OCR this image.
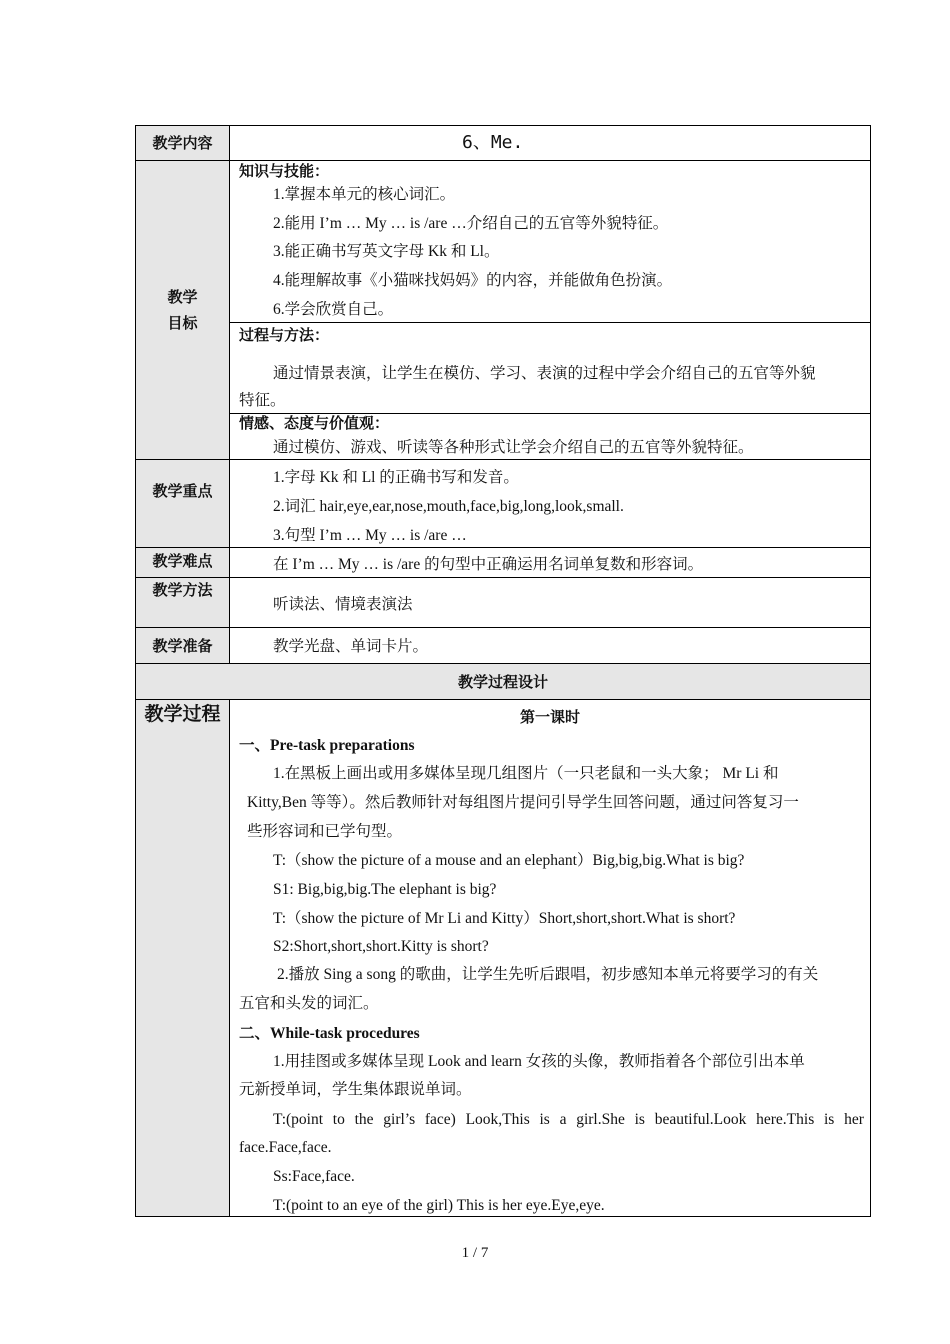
教学内容
教学
目标
教学重点
教学难点
教学方法
教学准备
教学过程设计
教学过程
6、Me.
知识与技能：
1.掌握本单元的核心词汇。
2.能用 I’m … My … is /are …介绍自己的五官等外貌特征。
3.能正确书写英文字母 Kk 和 Ll。
4.能理解故事《小猫咪找妈妈》的内容，并能做角色扮演。
6.学会欣赏自己。
过程与方法：
通过情景表演，让学生在模仿、学习、表演的过程中学会介绍自己的五官等外貌
特征。
情感、态度与价值观：
通过模仿、游戏、听读等各种形式让学会介绍自己的五官等外貌特征。
1.字母 Kk 和 Ll 的正确书写和发音。
2.词汇 hair,eye,ear,nose,mouth,face,big,long,look,small.
3.句型 I’m … My … is /are …
在 I’m … My … is /are 的句型中正确运用名词单复数和形容词。
听读法、情境表演法
教学光盘、单词卡片。
第一课时
一、Pre-task preparations
1.在黑板上画出或用多媒体呈现几组图片（一只老鼠和一头大象； Mr Li 和
Kitty,Ben 等等）。然后教师针对每组图片提问引导学生回答问题，通过问答复习一
些形容词和已学句型。
T:（show the picture of a mouse and an elephant）Big,big,big.What is big?
S1: Big,big,big.The elephant is big?
T:（show the picture of Mr Li and Kitty）Short,short,short.What is short?
S2:Short,short,short.Kitty is short?
2.播放 Sing a song 的歌曲，让学生先听后跟唱，初步感知本单元将要学习的有关
五官和头发的词汇。
二、While-task procedures
1.用挂图或多媒体呈现 Look and learn 女孩的头像，教师指着各个部位引出本单
元新授单词，学生集体跟说单词。
T:(point  to  the  girl’s  face)  Look,This  is  a  girl.She  is  beautiful.Look  here.This  is  her
face.Face,face.
Ss:Face,face.
T:(point to an eye of the girl) This is her eye.Eye,eye.
1 / 7
